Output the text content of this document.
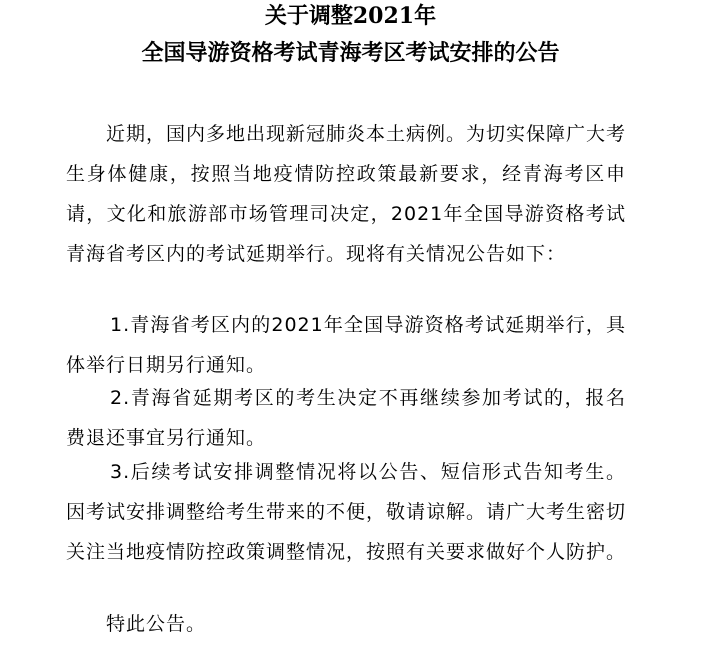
关于调整2021年
全国导游资格考试青海考区考试安排的公告
近期，国内多地出现新冠肺炎本土病例。为切实保障广大考生身体健康，按照当地疫情防控政策最新要求，经青海考区申请，文化和旅游部市场管理司决定，2021年全国导游资格考试青海省考区内的考试延期举行。现将有关情况公告如下：
1.青海省考区内的2021年全国导游资格考试延期举行，具体举行日期另行通知。
2.青海省延期考区的考生决定不再继续参加考试的，报名费退还事宜另行通知。
3.后续考试安排调整情况将以公告、短信形式告知考生。因考试安排调整给考生带来的不便，敬请谅解。请广大考生密切关注当地疫情防控政策调整情况，按照有关要求做好个人防护。
特此公告。
